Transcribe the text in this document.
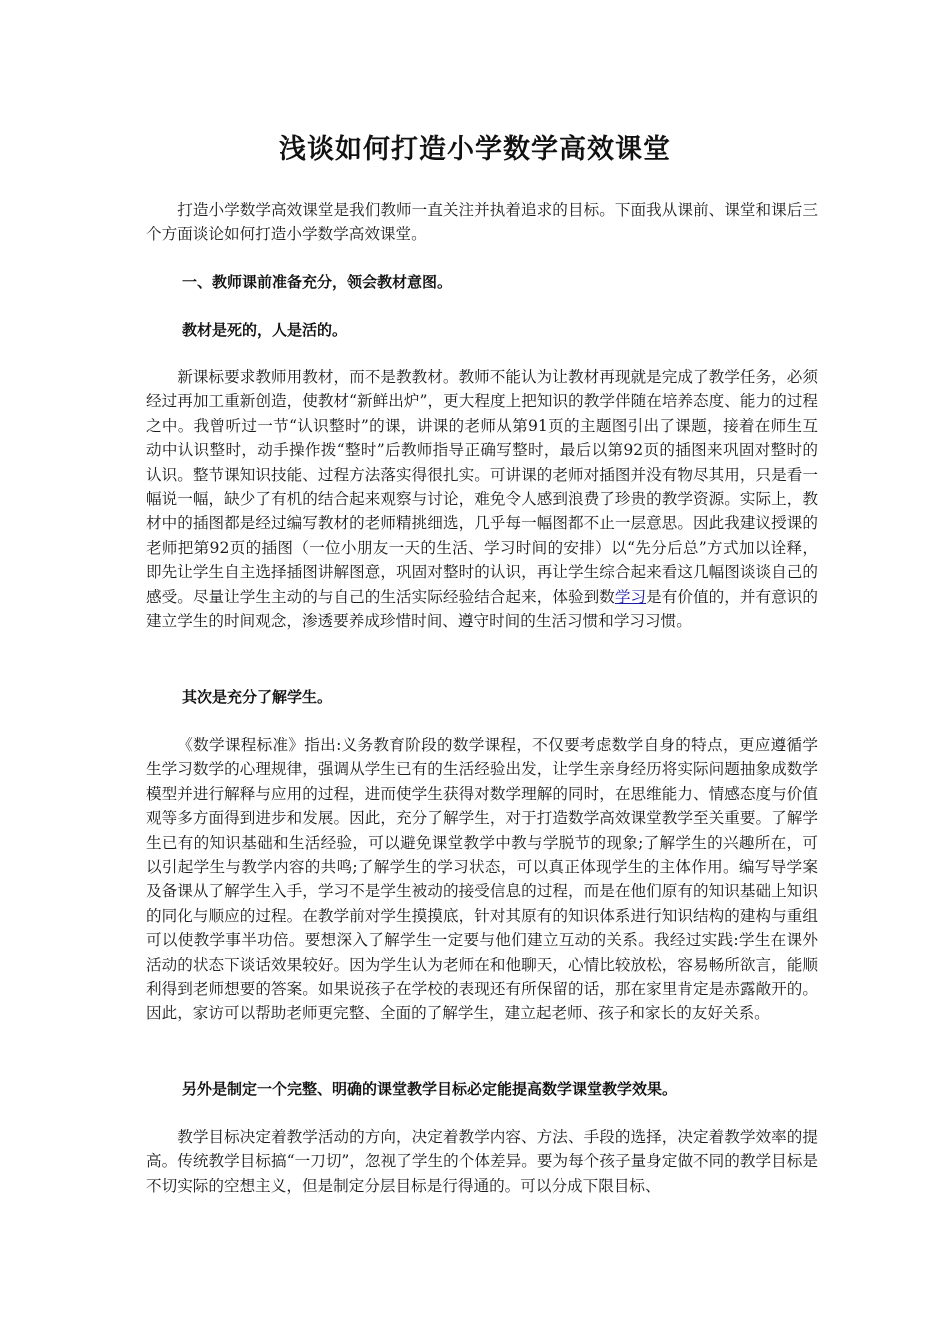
浅谈如何打造小学数学高效课堂

打造小学数学高效课堂是我们教师一直关注并执着追求的目标。下面我从课前、课堂和课后三个方面谈论如何打造小学数学高效课堂。

一、教师课前准备充分，领会教材意图。
教材是死的，人是活的。

新课标要求教师用教材，而不是教教材。教师不能认为让教材再现就是完成了教学任务，必须经过再加工重新创造，使教材“新鲜出炉”，更大程度上把知识的教学伴随在培养态度、能力的过程之中。我曾听过一节“认识整时”的课，讲课的老师从第91页的主题图引出了课题，接着在师生互动中认识整时，动手操作拨“整时”后教师指导正确写整时，最后以第92页的插图来巩固对整时的认识。整节课知识技能、过程方法落实得很扎实。可讲课的老师对插图并没有物尽其用，只是看一幅说一幅，缺少了有机的结合起来观察与讨论，难免令人感到浪费了珍贵的教学资源。实际上，教材中的插图都是经过编写教材的老师精挑细选，几乎每一幅图都不止一层意思。因此我建议授课的老师把第92页的插图（一位小朋友一天的生活、学习时间的安排）以“先分后总”方式加以诠释，即先让学生自主选择插图讲解图意，巩固对整时的认识，再让学生综合起来看这几幅图谈谈自己的感受。尽量让学生主动的与自己的生活实际经验结合起来，体验到数学习是有价值的，并有意识的建立学生的时间观念，渗透要养成珍惜时间、遵守时间的生活习惯和学习习惯。

其次是充分了解学生。

《数学课程标准》指出:义务教育阶段的数学课程，不仅要考虑数学自身的特点，更应遵循学生学习数学的心理规律，强调从学生已有的生活经验出发，让学生亲身经历将实际问题抽象成数学模型并进行解释与应用的过程，进而使学生获得对数学理解的同时，在思维能力、情感态度与价值观等多方面得到进步和发展。因此，充分了解学生，对于打造数学高效课堂教学至关重要。了解学生已有的知识基础和生活经验，可以避免课堂教学中教与学脱节的现象;了解学生的兴趣所在，可以引起学生与教学内容的共鸣;了解学生的学习状态，可以真正体现学生的主体作用。编写导学案及备课从了解学生入手，学习不是学生被动的接受信息的过程，而是在他们原有的知识基础上知识的同化与顺应的过程。在教学前对学生摸摸底，针对其原有的知识体系进行知识结构的建构与重组可以使教学事半功倍。要想深入了解学生一定要与他们建立互动的关系。我经过实践:学生在课外活动的状态下谈话效果较好。因为学生认为老师在和他聊天，心情比较放松，容易畅所欲言，能顺利得到老师想要的答案。如果说孩子在学校的表现还有所保留的话，那在家里肯定是赤露敞开的。因此，家访可以帮助老师更完整、全面的了解学生，建立起老师、孩子和家长的友好关系。

另外是制定一个完整、明确的课堂教学目标必定能提高数学课堂教学效果。

教学目标决定着教学活动的方向，决定着教学内容、方法、手段的选择，决定着教学效率的提高。传统教学目标搞“一刀切”，忽视了学生的个体差异。要为每个孩子量身定做不同的教学目标是不切实际的空想主义，但是制定分层目标是行得通的。可以分成下限目标、
